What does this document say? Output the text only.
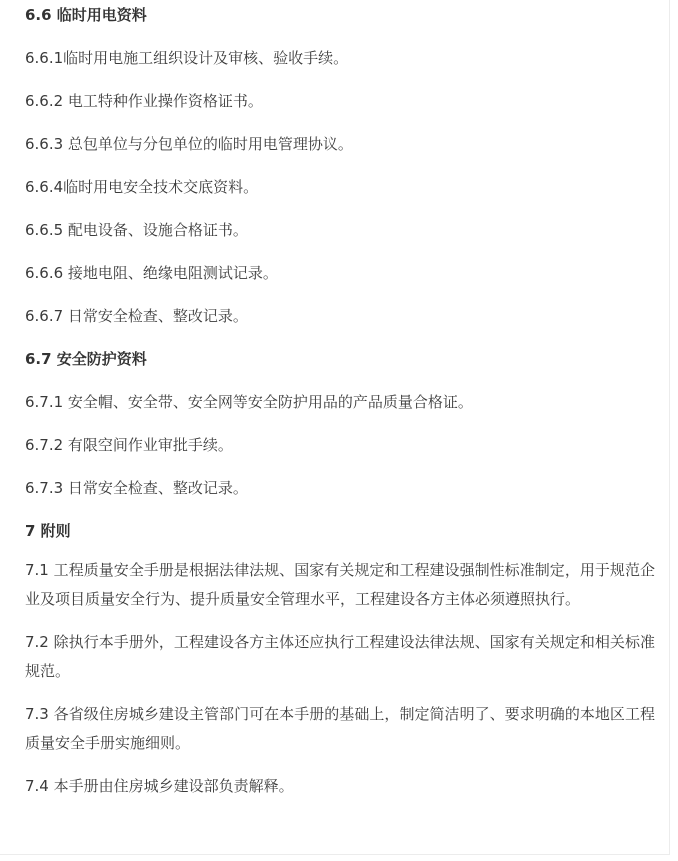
6.6 临时用电资料
6.6.1临时用电施工组织设计及审核、验收手续。
6.6.2 电工特种作业操作资格证书。
6.6.3 总包单位与分包单位的临时用电管理协议。
6.6.4临时用电安全技术交底资料。
6.6.5 配电设备、设施合格证书。
6.6.6 接地电阻、绝缘电阻测试记录。
6.6.7 日常安全检查、整改记录。
6.7 安全防护资料
6.7.1 安全帽、安全带、安全网等安全防护用品的产品质量合格证。
6.7.2 有限空间作业审批手续。
6.7.3 日常安全检查、整改记录。
7 附则
7.1 工程质量安全手册是根据法律法规、国家有关规定和工程建设强制性标准制定，用于规范企业及项目质量安全行为、提升质量安全管理水平，工程建设各方主体必须遵照执行。
7.2 除执行本手册外，工程建设各方主体还应执行工程建设法律法规、国家有关规定和相关标准规范。
7.3 各省级住房城乡建设主管部门可在本手册的基础上，制定简洁明了、要求明确的本地区工程质量安全手册实施细则。
7.4 本手册由住房城乡建设部负责解释。
